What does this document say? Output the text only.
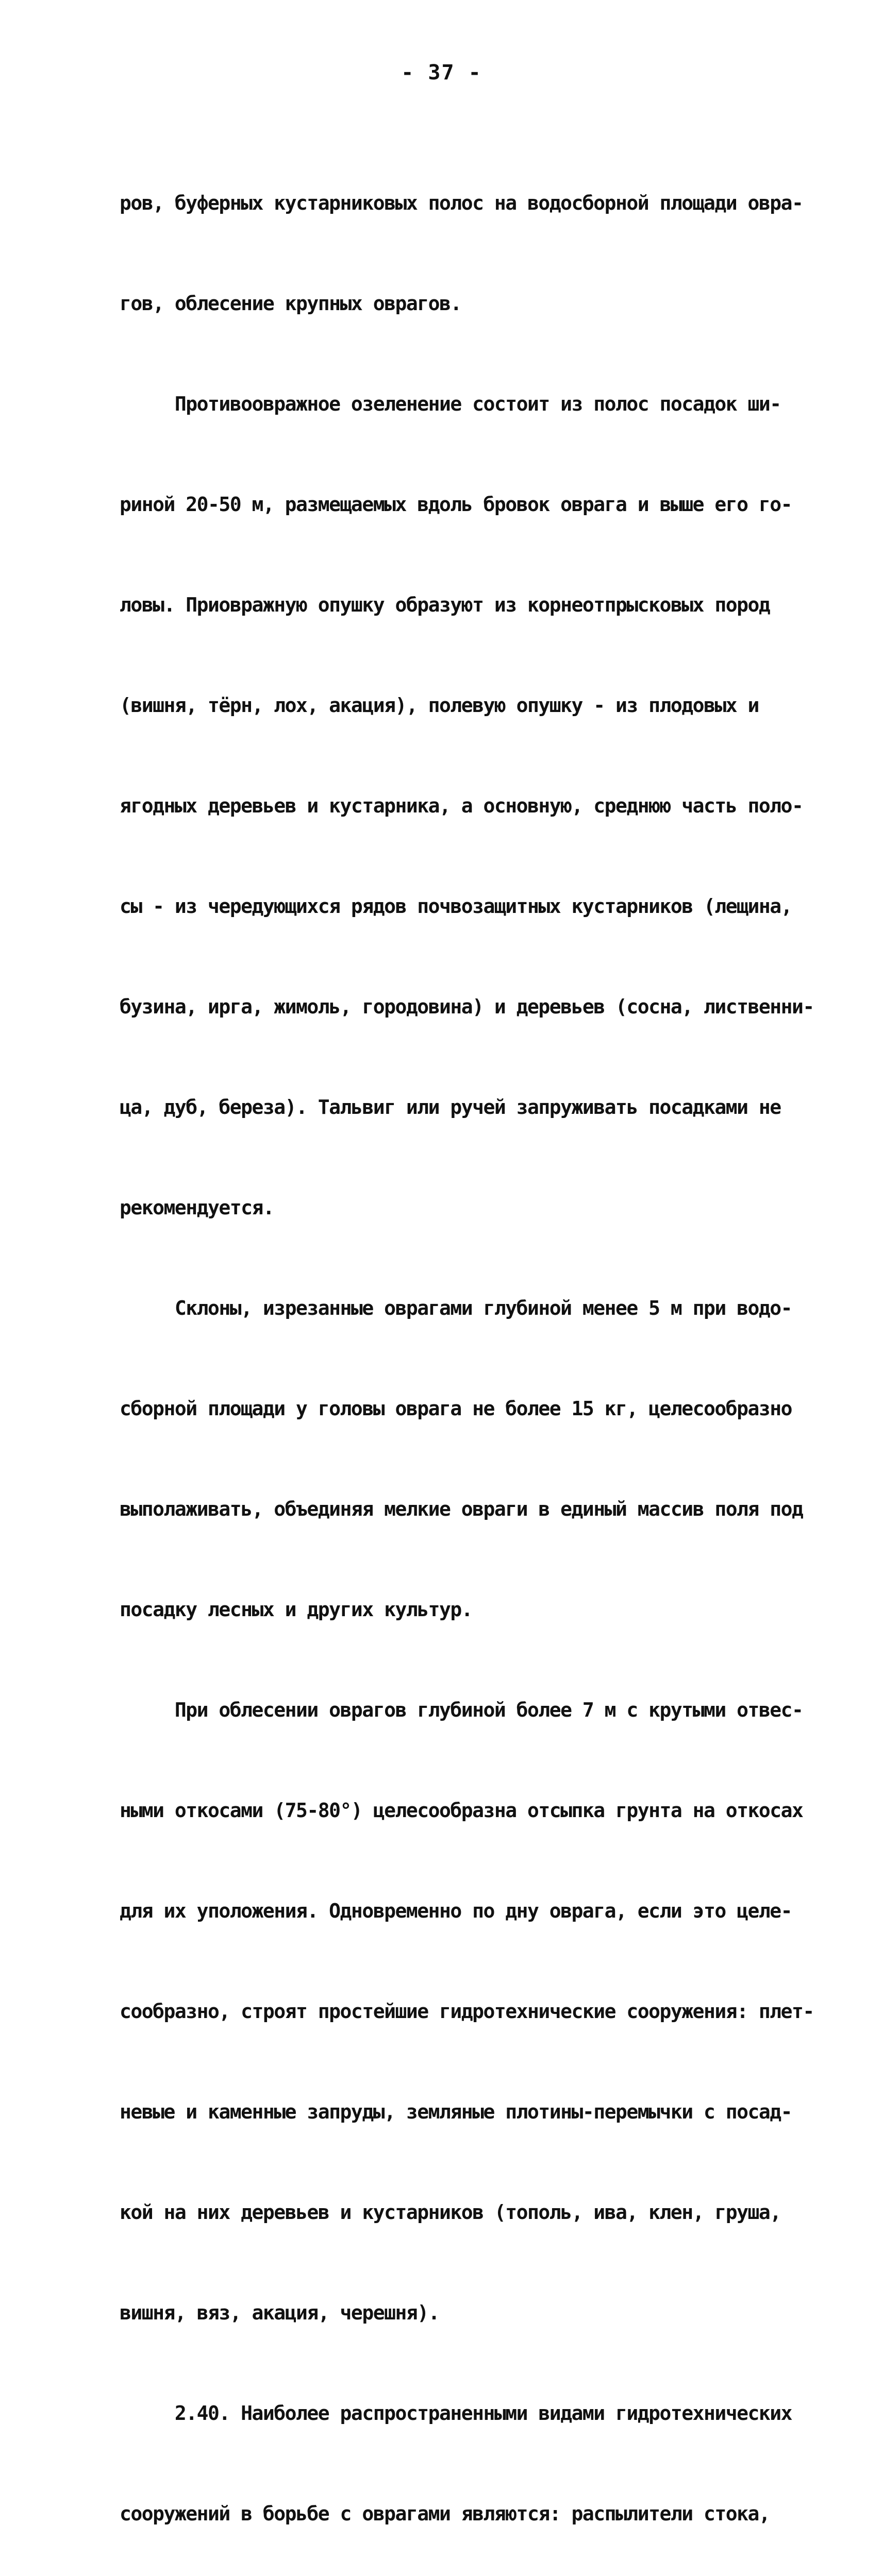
- 37 -

ров, буферных кустарниковых полос на водосборной площади овра-

гов, облесение крупных оврагов.

Противоовражное озеленение состоит из полос посадок ши-

риной 20-50 м, размещаемых вдоль бровок оврага и выше его го-

ловы. Приовражную опушку образуют из корнеотпрысковых пород

(вишня, тёрн, лох, акация), полевую опушку - из плодовых и

ягодных деревьев и кустарника, а основную, среднюю часть поло-

сы - из чередующихся рядов почвозащитных кустарников (лещина,

бузина, ирга, жимоль, городовина) и деревьев (сосна, лиственни-

ца, дуб, береза). Тальвиг или ручей запруживать посадками не

рекомендуется.

Склоны, изрезанные оврагами глубиной менее 5 м при водо-

сборной площади у головы оврага не более 15 кг, целесообразно

выполаживать, объединяя мелкие овраги в единый массив поля под

посадку лесных и других культур.

При облесении оврагов глубиной более 7 м с крутыми отвес-

ными откосами (75-80°) целесообразна отсыпка грунта на откосах

для их уположения. Одновременно по дну оврага, если это целе-

сообразно, строят простейшие гидротехнические сооружения: плет-

невые и каменные запруды, земляные плотины-перемычки с посад-

кой на них деревьев и кустарников (тополь, ива, клен, груша,

вишня, вяз, акация, черешня).

2.40. Наиболее распространенными видами гидротехнических

сооружений в борьбе с оврагами являются: распылители стока,
